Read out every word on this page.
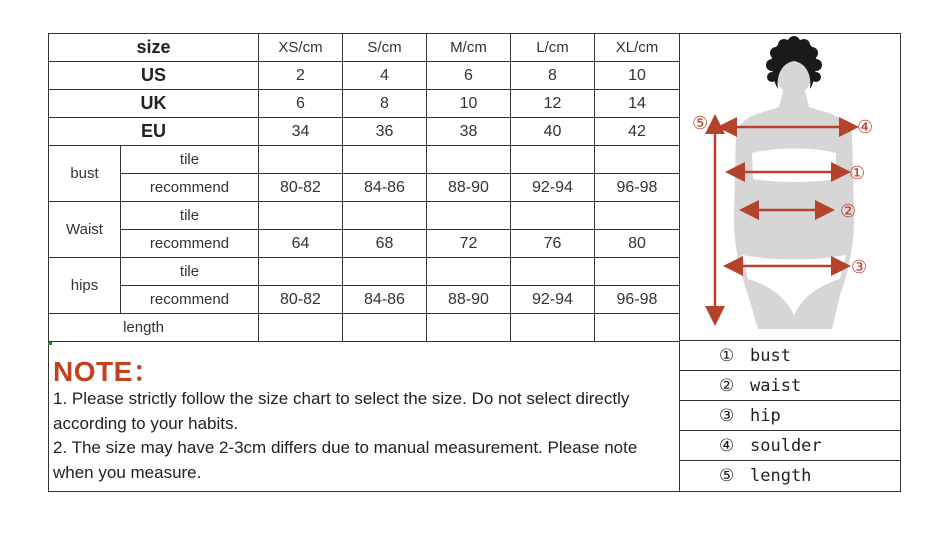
size		XS/cm	S/cm	M/cm	L/cm	XL/cm
US		2	4	6	8	10
UK		6	8	10	12	14
EU		34	36	38	40	42
bust	tile					
	recommend	80-82	84-86	88-90	92-94	96-98
Waist	tile					
	recommend	64	68	72	76	80
hips	tile					
	recommend	80-82	84-86	88-90	92-94	96-98
length						
⑤	④
①
②
③
NOTE：

1. Please strictly follow the size chart to select the size. Do not select directly according to your habits.

2. The size may have 2-3cm differs due to manual measurement. Please note when you measure.

① bust
② waist
③ hip
④ soulder
⑤ length
